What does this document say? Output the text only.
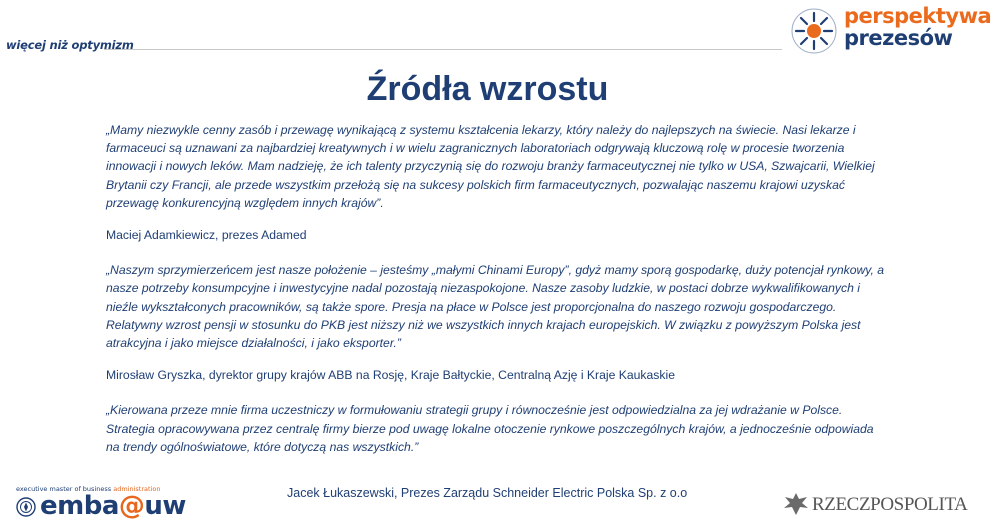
więcej niż optymizm
perspektywa
prezesów
Źródła wzrostu

„Mamy niezwykle cenny zasób i przewagę wynikającą z systemu kształcenia lekarzy, który należy do najlepszych na świecie. Nasi lekarze i farmaceuci są uznawani za najbardziej kreatywnych i w wielu zagranicznych laboratoriach odgrywają kluczową rolę w procesie tworzenia innowacji i nowych leków. Mam nadzieję, że ich talenty przyczynią się do rozwoju branży farmaceutycznej nie tylko w USA, Szwajcarii, Wielkiej Brytanii czy Francji, ale przede wszystkim przełożą się na sukcesy polskich firm farmaceutycznych, pozwalając naszemu krajowi uzyskać przewagę konkurencyjną względem innych krajów”.

Maciej Adamkiewicz, prezes Adamed

„Naszym sprzymierzeńcem jest nasze położenie – jesteśmy „małymi Chinami Europy”, gdyż mamy sporą gospodarkę, duży potencjał rynkowy, a nasze potrzeby konsumpcyjne i inwestycyjne nadal pozostają niezaspokojone. Nasze zasoby ludzkie, w postaci dobrze wykwalifikowanych i nieźle wykształconych pracowników, są także spore. Presja na płace w Polsce jest proporcjonalna do naszego rozwoju gospodarczego. Relatywny wzrost pensji w stosunku do PKB jest niższy niż we wszystkich innych krajach europejskich. W związku z powyższym Polska jest atrakcyjna i jako miejsce działalności, i jako eksporter.”

Mirosław Gryszka, dyrektor grupy krajów ABB na Rosję, Kraje Bałtyckie, Centralną Azję i Kraje Kaukaskie

„Kierowana przeze mnie firma uczestniczy w formułowaniu strategii grupy i równocześnie jest odpowiedzialna za jej wdrażanie w Polsce. Strategia opracowywana przez centralę firmy bierze pod uwagę lokalne otoczenie rynkowe poszczególnych krajów, a jednocześnie odpowiada na trendy ogólnoświatowe, które dotyczą nas wszystkich.”

Jacek Łukaszewski, Prezes Zarządu Schneider Electric Polska Sp. z o.o
executive master of business administration
emba@uw	RZECZPOSPOLITA
